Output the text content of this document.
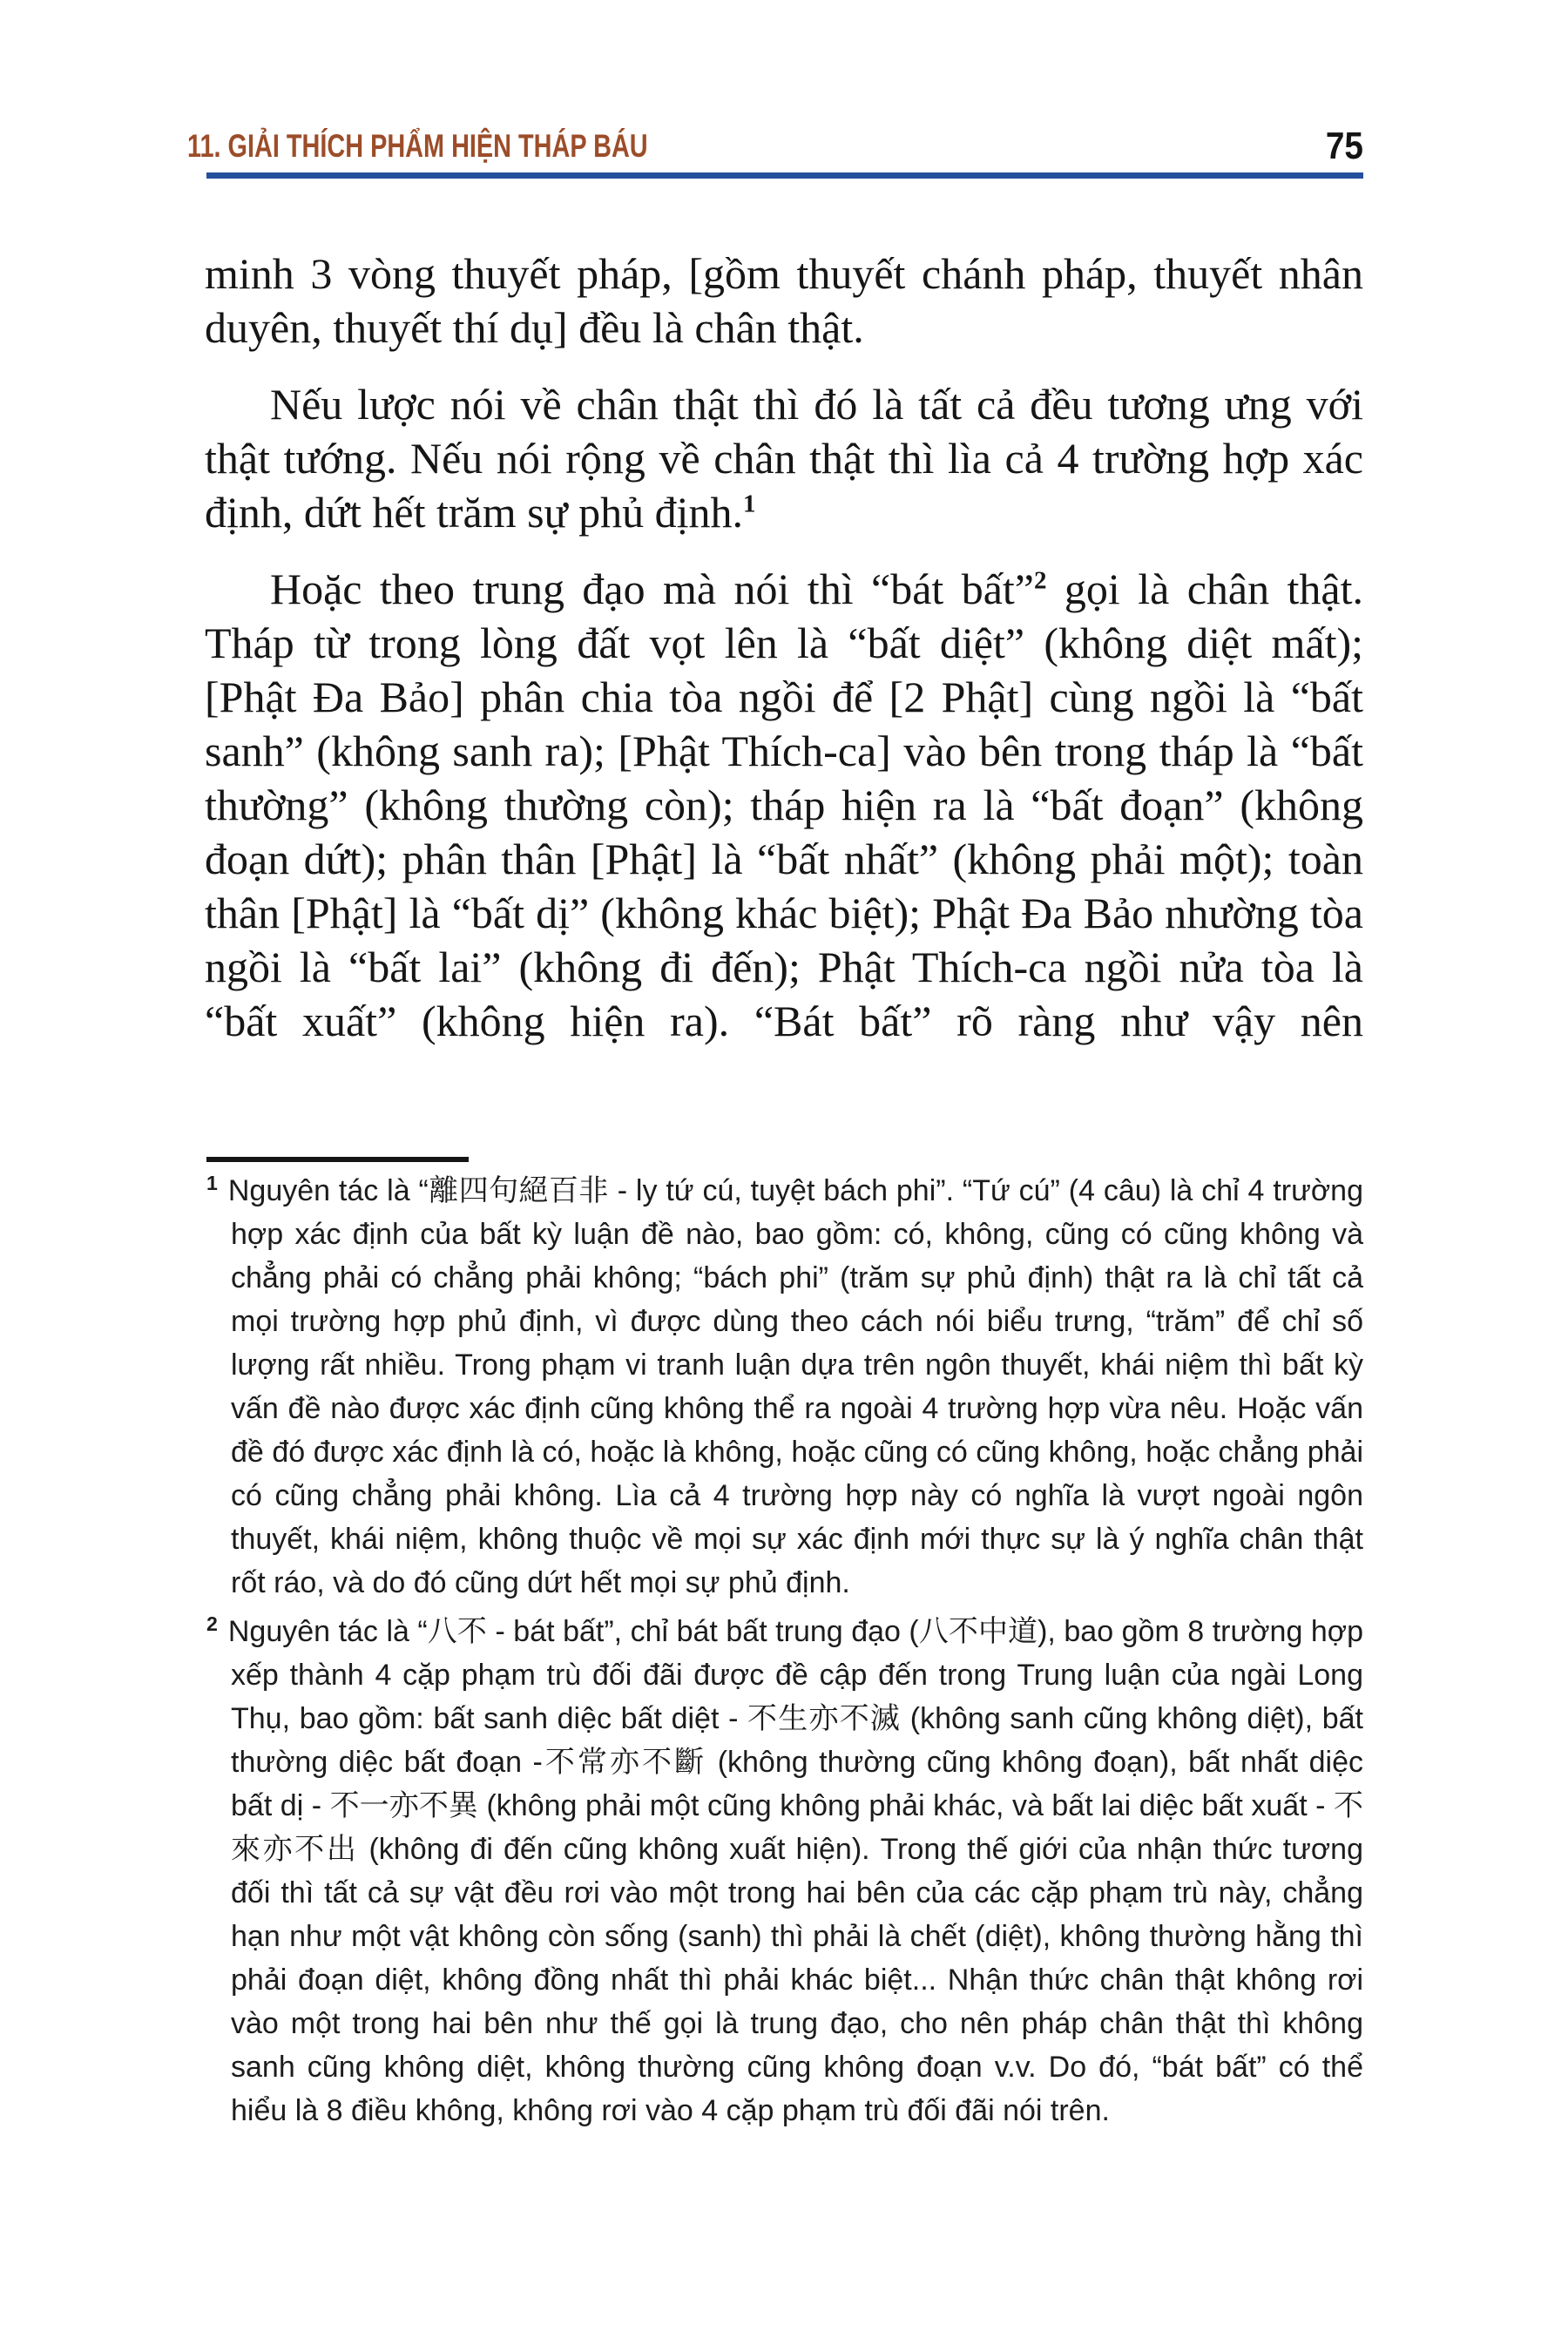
11. GIẢI THÍCH PHẨM HIỆN THÁP BÁU	75

minh 3 vòng thuyết pháp, [gồm thuyết chánh pháp, thuyết nhân duyên, thuyết thí dụ] đều là chân thật.

Nếu lược nói về chân thật thì đó là tất cả đều tương ưng với thật tướng. Nếu nói rộng về chân thật thì lìa cả 4 trường hợp xác định, dứt hết trăm sự phủ định.$^1$

Hoặc theo trung đạo mà nói thì “bát bất”$^2$ gọi là chân thật. Tháp từ trong lòng đất vọt lên là “bất diệt” (không diệt mất); [Phật Đa Bảo] phân chia tòa ngồi để [2 Phật] cùng ngồi là “bất sanh” (không sanh ra); [Phật Thích-ca] vào bên trong tháp là “bất thường” (không thường còn); tháp hiện ra là “bất đoạn” (không đoạn dứt); phân thân [Phật] là “bất nhất” (không phải một); toàn thân [Phật] là “bất dị” (không khác biệt); Phật Đa Bảo nhường tòa ngồi là “bất lai” (không đi đến); Phật Thích-ca ngồi nửa tòa là “bất xuất” (không hiện ra). “Bát bất” rõ ràng như vậy nên

$^1$ Nguyên tác là “離四句絕百非 - ly tứ cú, tuyệt bách phi”. “Tứ cú” (4 câu) là chỉ 4 trường hợp xác định của bất kỳ luận đề nào, bao gồm: có, không, cũng có cũng không và chẳng phải có chẳng phải không; “bách phi” (trăm sự phủ định) thật ra là chỉ tất cả mọi trường hợp phủ định, vì được dùng theo cách nói biểu trưng, “trăm” để chỉ số lượng rất nhiều. Trong phạm vi tranh luận dựa trên ngôn thuyết, khái niệm thì bất kỳ vấn đề nào được xác định cũng không thể ra ngoài 4 trường hợp vừa nêu. Hoặc vấn đề đó được xác định là có, hoặc là không, hoặc cũng có cũng không, hoặc chẳng phải có cũng chẳng phải không. Lìa cả 4 trường hợp này có nghĩa là vượt ngoài ngôn thuyết, khái niệm, không thuộc về mọi sự xác định mới thực sự là ý nghĩa chân thật rốt ráo, và do đó cũng dứt hết mọi sự phủ định.
$^2$ Nguyên tác là “八不 - bát bất”, chỉ bát bất trung đạo (八不中道), bao gồm 8 trường hợp xếp thành 4 cặp phạm trù đối đãi được đề cập đến trong Trung luận của ngài Long Thụ, bao gồm: bất sanh diệc bất diệt - 不生亦不滅 (không sanh cũng không diệt), bất thường diệc bất đoạn -不常亦不斷 (không thường cũng không đoạn), bất nhất diệc bất dị - 不一亦不異 (không phải một cũng không phải khác, và bất lai diệc bất xuất - 不來亦不出 (không đi đến cũng không xuất hiện). Trong thế giới của nhận thức tương đối thì tất cả sự vật đều rơi vào một trong hai bên của các cặp phạm trù này, chẳng hạn như một vật không còn sống (sanh) thì phải là chết (diệt), không thường hằng thì phải đoạn diệt, không đồng nhất thì phải khác biệt... Nhận thức chân thật không rơi vào một trong hai bên như thế gọi là trung đạo, cho nên pháp chân thật thì không sanh cũng không diệt, không thường cũng không đoạn v.v. Do đó, “bát bất” có thể hiểu là 8 điều không, không rơi vào 4 cặp phạm trù đối đãi nói trên.
